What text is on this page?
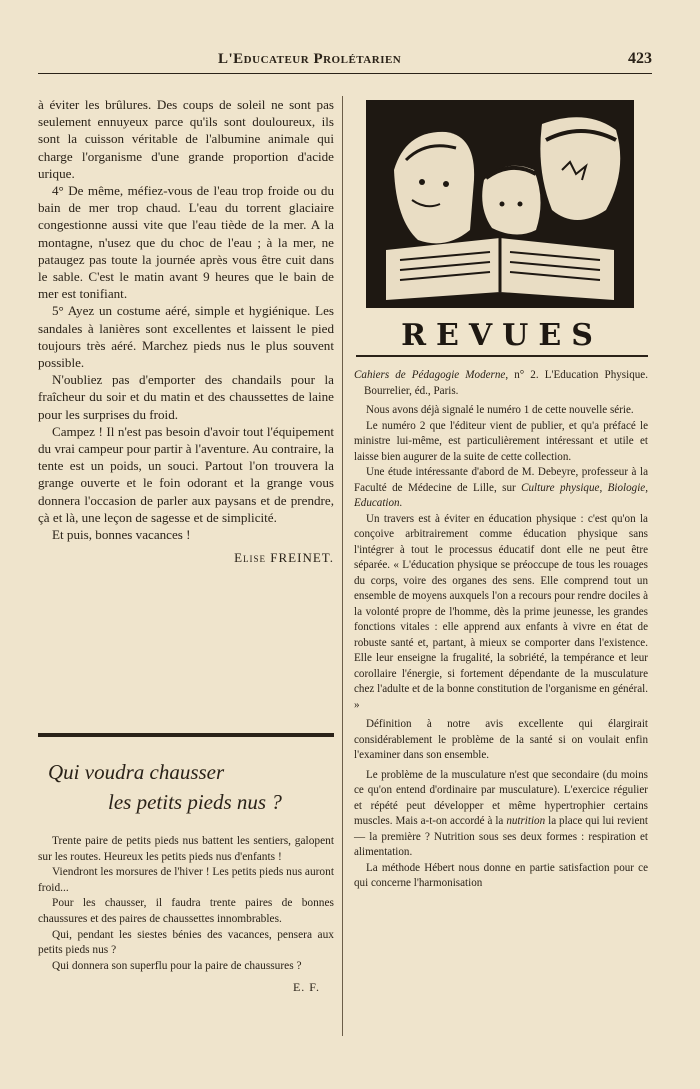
L'Educateur Prolétarien	423

à éviter les brûlures. Des coups de soleil ne sont pas seulement ennuyeux parce qu'ils sont douloureux, ils sont la cuisson véritable de l'albumine animale qui charge l'organisme d'une grande proportion d'acide urique.

4° De même, méfiez-vous de l'eau trop froide ou du bain de mer trop chaud. L'eau du torrent glaciaire congestionne aussi vite que l'eau tiède de la mer. A la montagne, n'usez que du choc de l'eau ; à la mer, ne pataugez pas toute la journée après vous être cuit dans le sable. C'est le matin avant 9 heures que le bain de mer est tonifiant.

5° Ayez un costume aéré, simple et hygiénique. Les sandales à lanières sont excellentes et laissent le pied toujours très aéré. Marchez pieds nus le plus souvent possible.

N'oubliez pas d'emporter des chandails pour la fraîcheur du soir et du matin et des chaussettes de laine pour les surprises du froid.

Campez ! Il n'est pas besoin d'avoir tout l'équipement du vrai campeur pour partir à l'aventure. Au contraire, la tente est un poids, un souci. Partout l'on trouvera la grange ouverte et le foin odorant et la grange vous donnera l'occasion de parler aux paysans et de prendre, çà et là, une leçon de sagesse et de simplicité.

Et puis, bonnes vacances !

Elise FREINET.
Qui voudra chausser
les petits pieds nus ?

Trente paire de petits pieds nus battent les sentiers, galopent sur les routes. Heureux les petits pieds nus d'enfants !

Viendront les morsures de l'hiver ! Les petits pieds nus auront froid...

Pour les chausser, il faudra trente paires de bonnes chaussures et des paires de chaussettes innombrables.

Qui, pendant les siestes bénies des vacances, pensera aux petits pieds nus ?

Qui donnera son superflu pour la paire de chaussures ?

E. F.
REVUES

Cahiers de Pédagogie Moderne, n° 2. L'Education Physique. Bourrelier, éd., Paris.

Nous avons déjà signalé le numéro 1 de cette nouvelle série.

Le numéro 2 que l'éditeur vient de publier, et qu'a préfacé le ministre lui-même, est particulièrement intéressant et utile et laisse bien augurer de la suite de cette collection.

Une étude intéressante d'abord de M. Debeyre, professeur à la Faculté de Médecine de Lille, sur Culture physique, Biologie, Education.

Un travers est à éviter en éducation physique : c'est qu'on la conçoive arbitrairement comme éducation physique sans l'intégrer à tout le processus éducatif dont elle ne peut être séparée. « L'éducation physique se préoccupe de tous les rouages du corps, voire des organes des sens. Elle comprend tout un ensemble de moyens auxquels l'on a recours pour rendre dociles à la volonté propre de l'homme, dès la prime jeunesse, les grandes fonctions vitales : elle apprend aux enfants à vivre en état de robuste santé et, partant, à mieux se comporter dans l'existence. Elle leur enseigne la frugalité, la sobriété, la tempérance et leur corollaire l'énergie, si fortement dépendante de la musculature chez l'adulte et de la bonne constitution de l'organisme en général. »

Définition à notre avis excellente qui élargirait considérablement le problème de la santé si on voulait enfin l'examiner dans son ensemble.

Le problème de la musculature n'est que secondaire (du moins ce qu'on entend d'ordinaire par musculature). L'exercice régulier et répété peut développer et même hypertrophier certains muscles. Mais a-t-on accordé à la nutrition la place qui lui revient — la première ? Nutrition sous ses deux formes : respiration et alimentation.

La méthode Hébert nous donne en partie satisfaction pour ce qui concerne l'harmonisation
